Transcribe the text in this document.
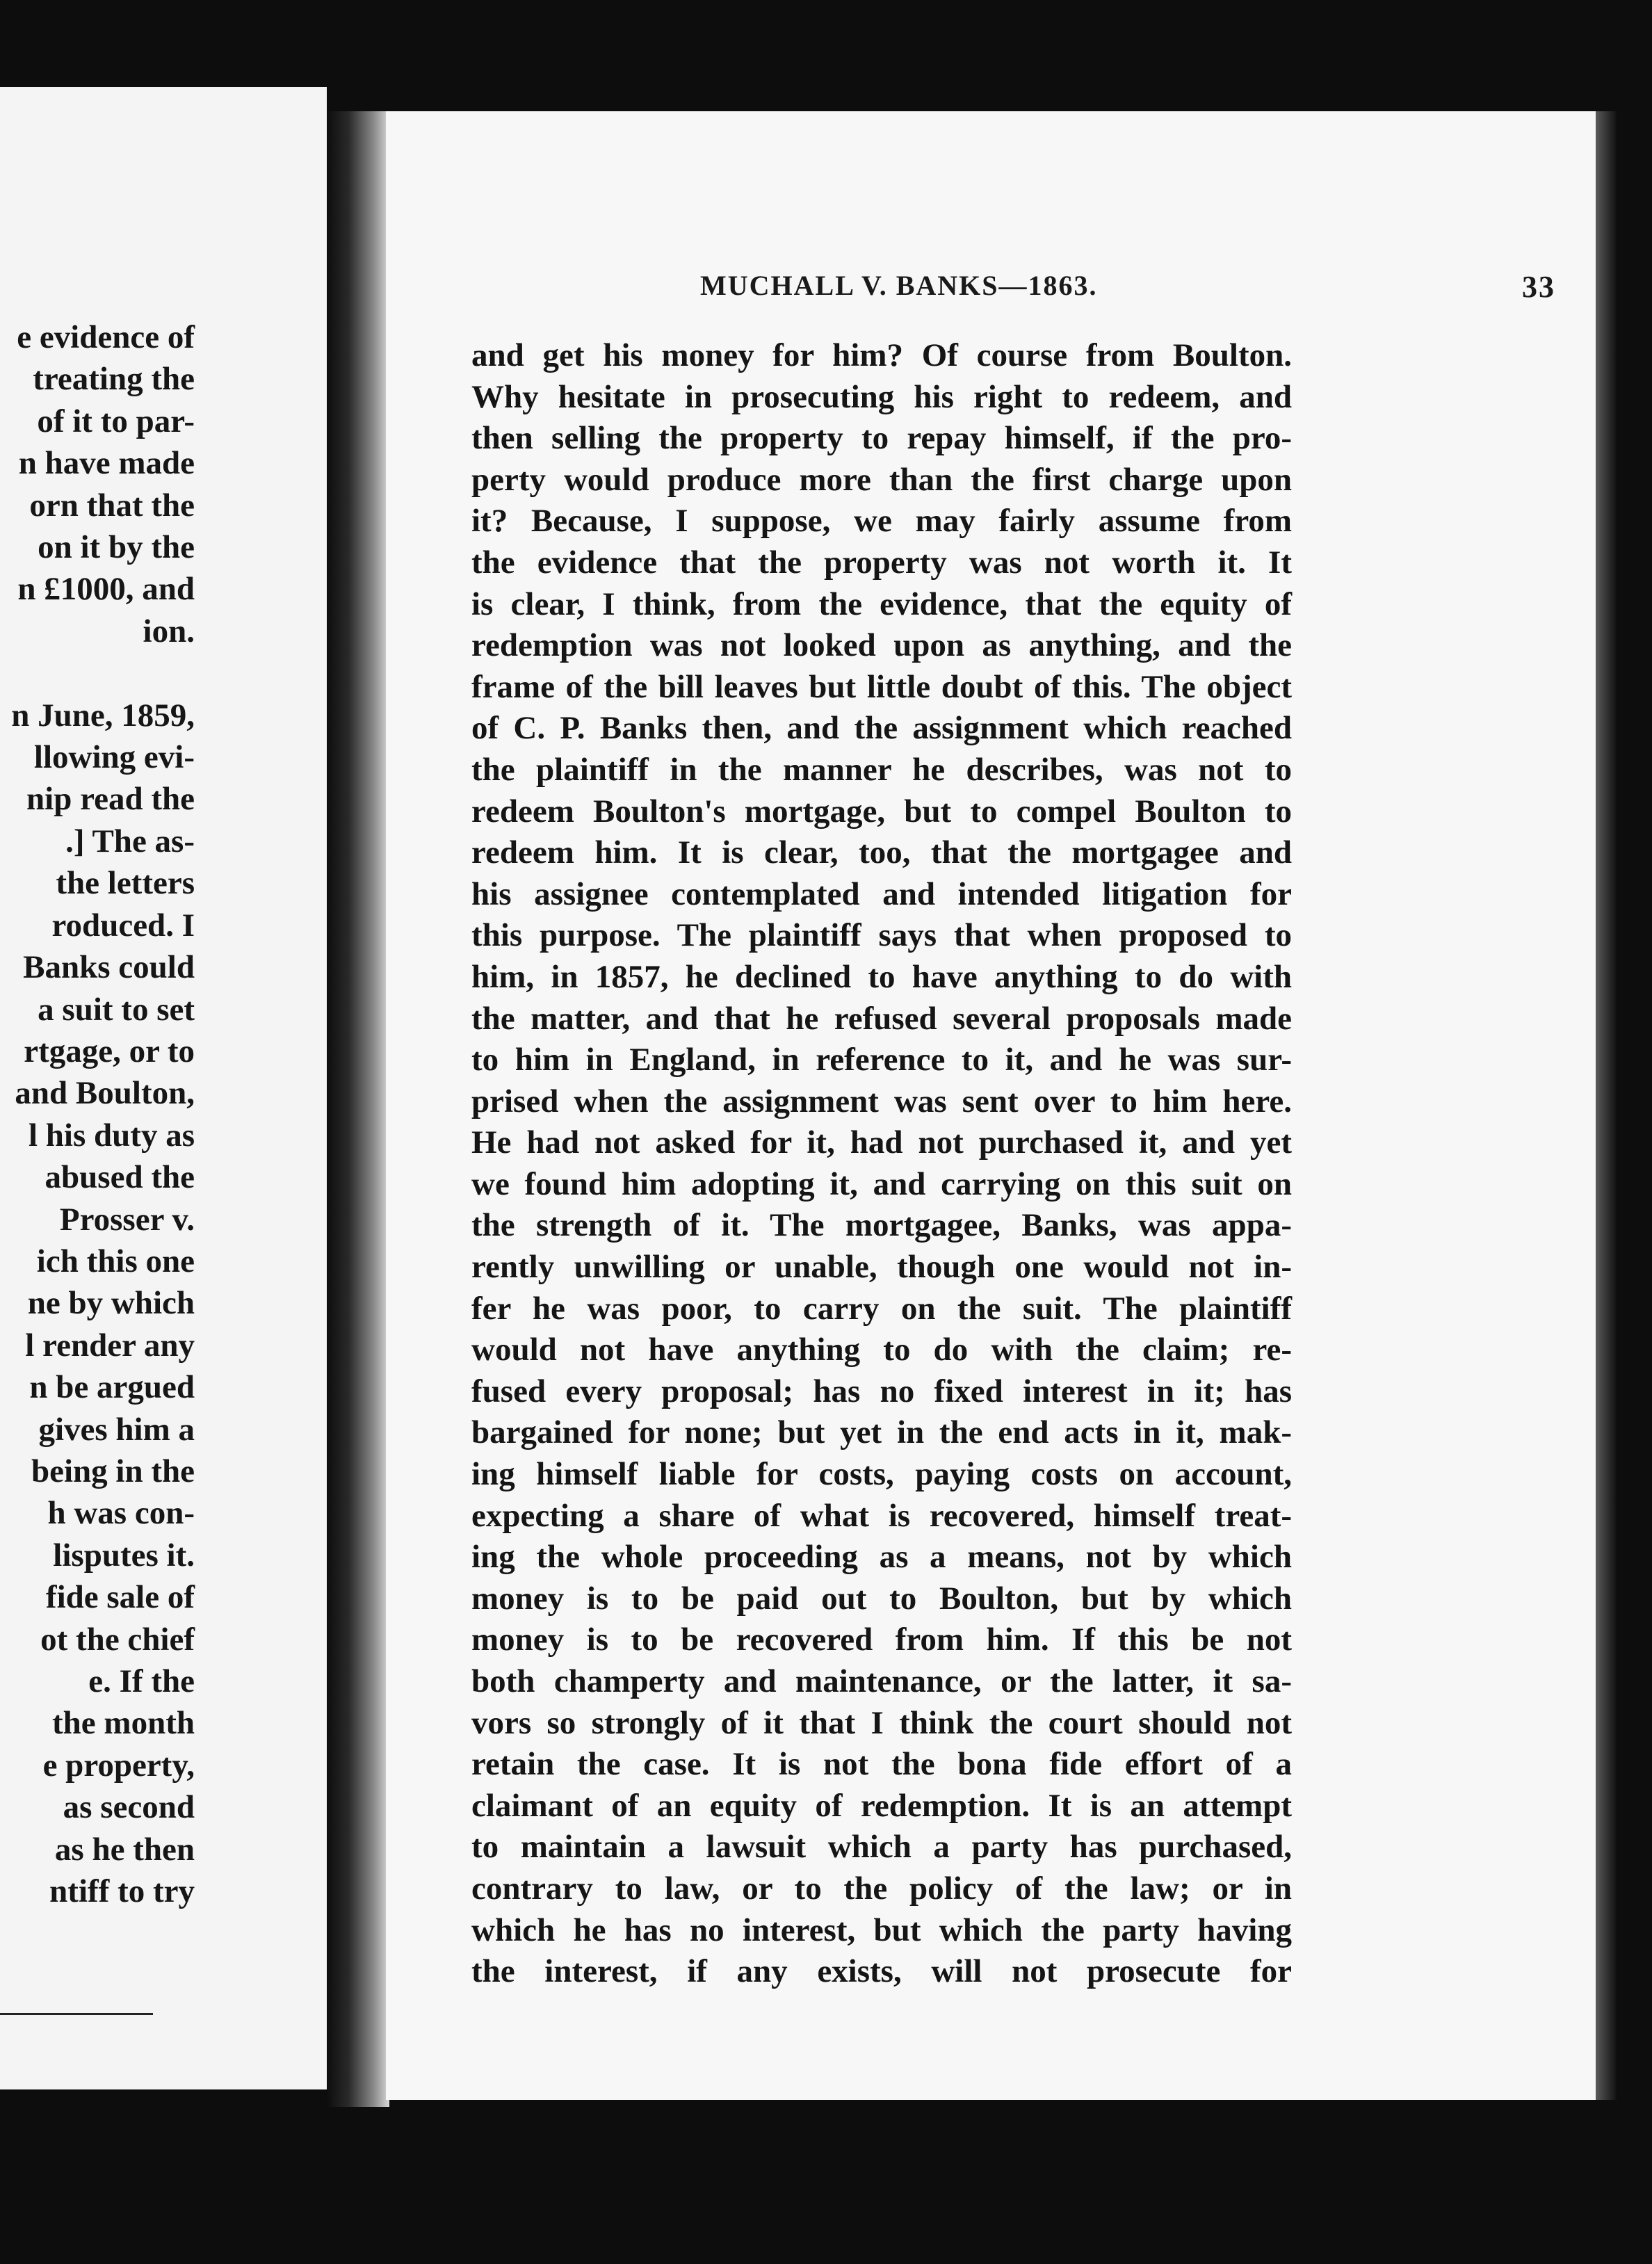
e evidence of
treating the
of it to par-
n have made
orn that the
on it by the
n £1000, and
ion.

n June, 1859,
llowing evi-
nip read the
.] The as-
the letters
roduced. I
Banks could
a suit to set
rtgage, or to
and Boulton,
l his duty as
abused the
Prosser v.
ich this one
ne by which
l render any
n be argued
gives him a
being in the
h was con-
lisputes it.
fide sale of
ot the chief
e. If the
the month
e property,
as second
as he then
ntiff to try
MUCHALL V. BANKS—1863.	33
and get his money for him? Of course from Boulton.
Why hesitate in prosecuting his right to redeem, and
then selling the property to repay himself, if the pro-
perty would produce more than the first charge upon
it? Because, I suppose, we may fairly assume from
the evidence that the property was not worth it. It
is clear, I think, from the evidence, that the equity of
redemption was not looked upon as anything, and the
frame of the bill leaves but little doubt of this. The object
of C. P. Banks then, and the assignment which reached
the plaintiff in the manner he describes, was not to
redeem Boulton's mortgage, but to compel Boulton to
redeem him. It is clear, too, that the mortgagee and
his assignee contemplated and intended litigation for
this purpose. The plaintiff says that when proposed to
him, in 1857, he declined to have anything to do with
the matter, and that he refused several proposals made
to him in England, in reference to it, and he was sur-
prised when the assignment was sent over to him here.
He had not asked for it, had not purchased it, and yet
we found him adopting it, and carrying on this suit on
the strength of it. The mortgagee, Banks, was appa-
rently unwilling or unable, though one would not in-
fer he was poor, to carry on the suit. The plaintiff
would not have anything to do with the claim; re-
fused every proposal; has no fixed interest in it; has
bargained for none; but yet in the end acts in it, mak-
ing himself liable for costs, paying costs on account,
expecting a share of what is recovered, himself treat-
ing the whole proceeding as a means, not by which
money is to be paid out to Boulton, but by which
money is to be recovered from him. If this be not
both champerty and maintenance, or the latter, it sa-
vors so strongly of it that I think the court should not
retain the case. It is not the bona fide effort of a
claimant of an equity of redemption. It is an attempt
to maintain a lawsuit which a party has purchased,
contrary to law, or to the policy of the law; or in
which he has no interest, but which the party having
the interest, if any exists, will not prosecute for
